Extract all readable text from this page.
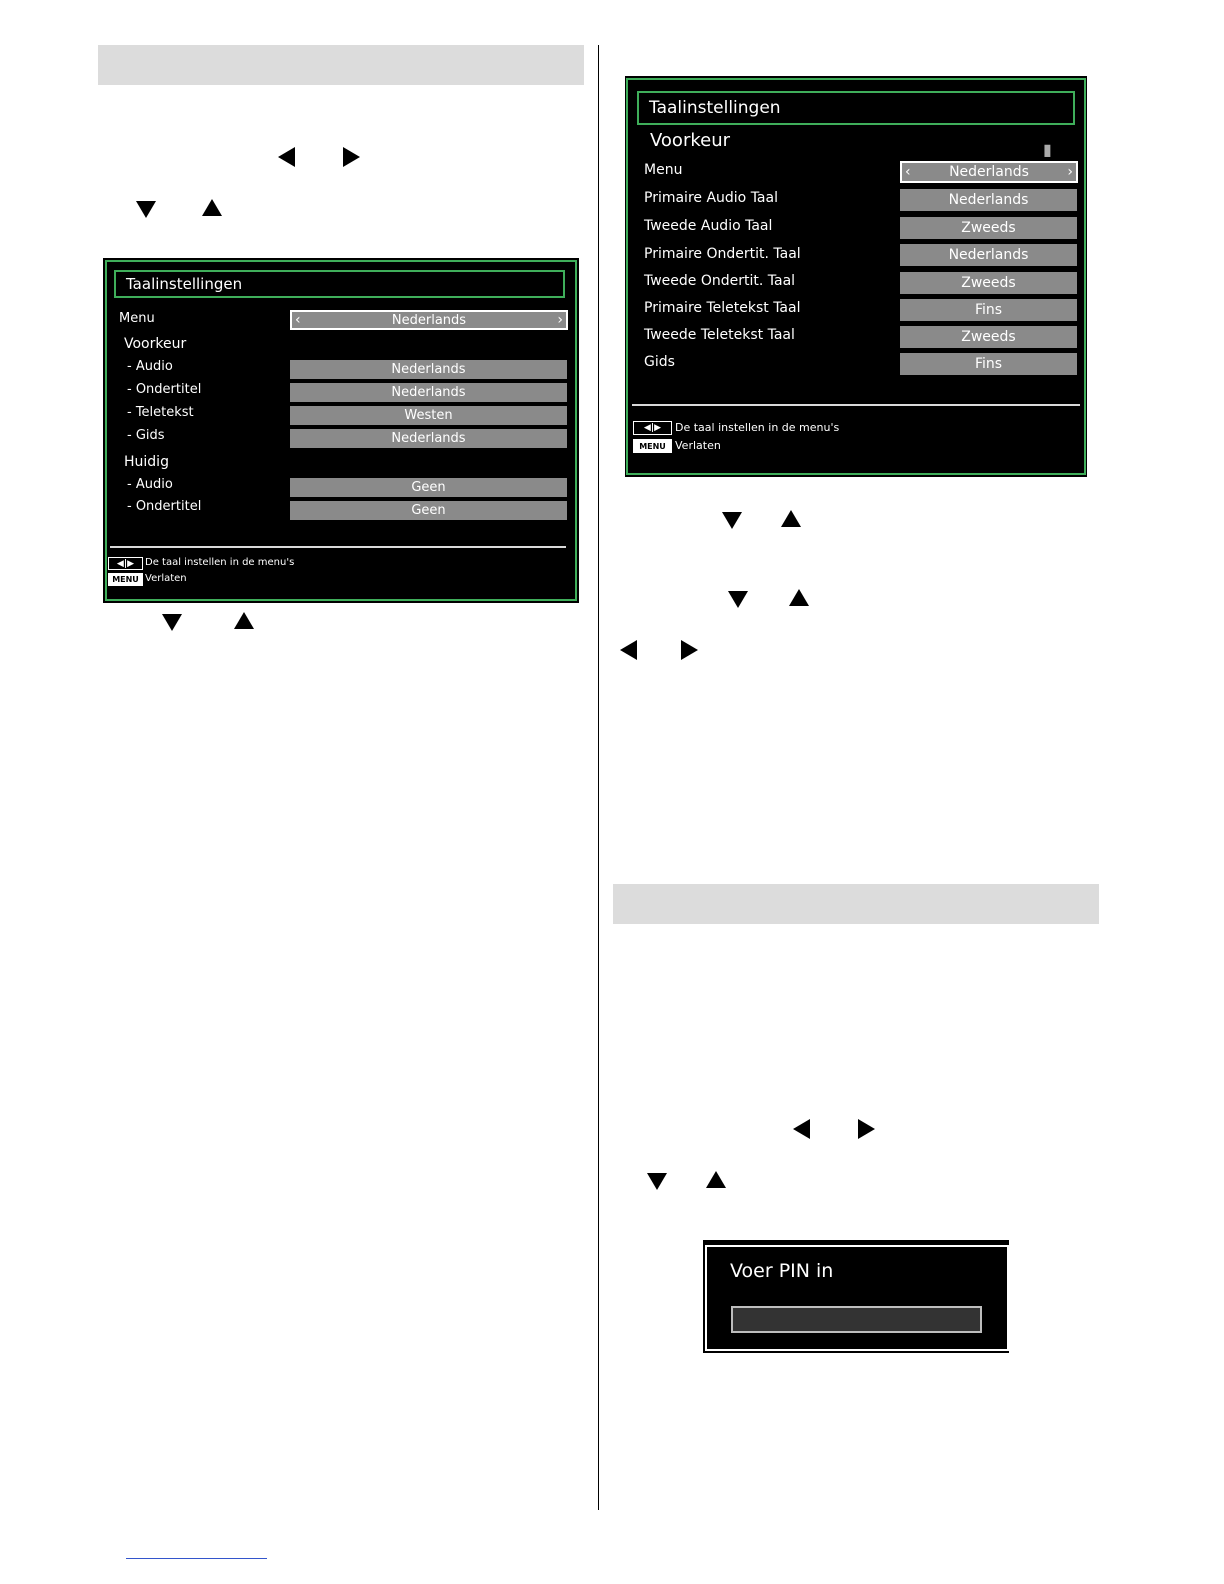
Taalinstellingen
Menu	‹	Nederlands	›
Voorkeur
- Audio	Nederlands
- Ondertitel	Nederlands
- Teletekst	Westen
- Gids	Nederlands
Huidig
- Audio	Geen
- Ondertitel	Geen
◀|▶	De taal instellen in de menu's
MENU Verlaten
Taalinstellingen
Voorkeur	▮
Menu	‹	Nederlands	›
Primaire Audio Taal	Nederlands
Tweede Audio Taal	Zweeds
Primaire Ondertit. Taal	Nederlands
Tweede Ondertit. Taal	Zweeds
Primaire Teletekst Taal	Fins
Tweede Teletekst Taal	Zweeds
Gids	Fins
◀|▶	De taal instellen in de menu's
MENU Verlaten
Voer PIN in
